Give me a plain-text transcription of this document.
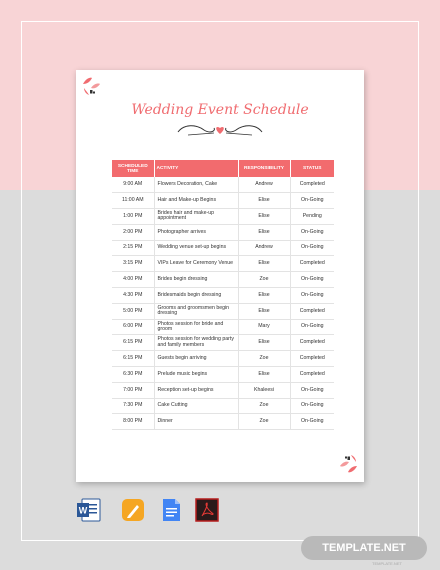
Wedding Event Schedule
SCHEDULED TIME	ACTIVITY	RESPONSIBILITY	STATUS
9:00 AM	Flowers Decoration, Cake	Andrew	Completed
11:00 AM	Hair and Make-up Begins	Elise	On-Going
1:00 PM	Brides hair and make-up appointment	Elise	Pending
2:00 PM	Photographer arrives	Elise	On-Going
2:15 PM	Wedding venue set-up begins	Andrew	On-Going
3:15 PM	VIPs Leave for Ceremony Venue	Elise	Completed
4:00 PM	Brides begin dressing	Zoe	On-Going
4:30 PM	Bridesmaids begin dressing	Elise	On-Going
5:00 PM	Grooms and groomsmen begin dressing	Elise	Completed
6:00 PM	Photos session for bride and groom	Mary	On-Going
6:15 PM	Photos session for wedding party and family members	Elise	Completed
6:15 PM	Guests begin arriving	Zoe	Completed
6:30 PM	Prelude music begins	Elise	Completed
7:00 PM	Reception set-up begins	Khaleesi	On-Going
7:30 PM	Cake Cutting	Zoe	On-Going
8:00 PM	Dinner	Zoe	On-Going
W
TEMPLATE.NET
TEMPLATE.NET
